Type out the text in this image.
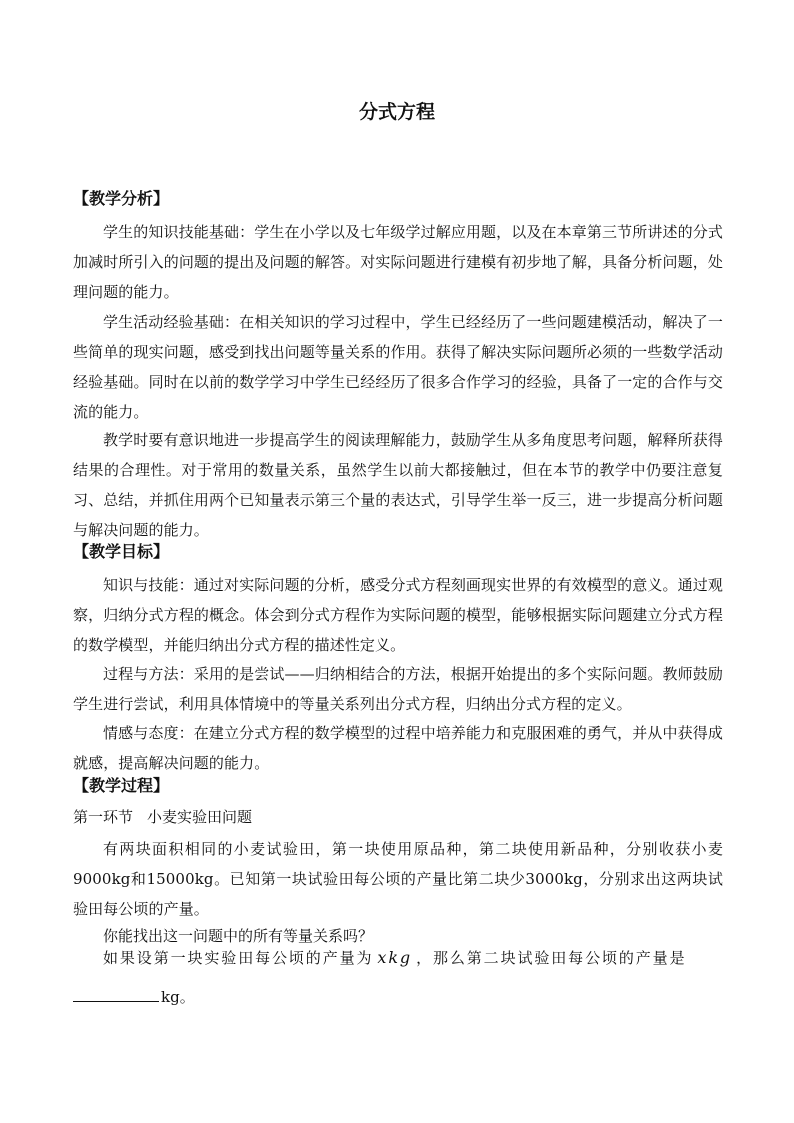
分式方程
【教学分析】
学生的知识技能基础：学生在小学以及七年级学过解应用题，以及在本章第三节所讲述的分式加减时所引入的问题的提出及问题的解答。对实际问题进行建模有初步地了解，具备分析问题，处理问题的能力。
学生活动经验基础：在相关知识的学习过程中，学生已经经历了一些问题建模活动，解决了一些简单的现实问题，感受到找出问题等量关系的作用。获得了解决实际问题所必须的一些数学活动经验基础。同时在以前的数学学习中学生已经经历了很多合作学习的经验，具备了一定的合作与交流的能力。
教学时要有意识地进一步提高学生的阅读理解能力，鼓励学生从多角度思考问题，解释所获得结果的合理性。对于常用的数量关系，虽然学生以前大都接触过，但在本节的教学中仍要注意复习、总结，并抓住用两个已知量表示第三个量的表达式，引导学生举一反三，进一步提高分析问题与解决问题的能力。
【教学目标】
知识与技能：通过对实际问题的分析，感受分式方程刻画现实世界的有效模型的意义。通过观察，归纳分式方程的概念。体会到分式方程作为实际问题的模型，能够根据实际问题建立分式方程的数学模型，并能归纳出分式方程的描述性定义。
过程与方法：采用的是尝试——归纳相结合的方法，根据开始提出的多个实际问题。教师鼓励学生进行尝试，利用具体情境中的等量关系列出分式方程，归纳出分式方程的定义。
情感与态度：在建立分式方程的数学模型的过程中培养能力和克服困难的勇气，并从中获得成就感，提高解决问题的能力。
【教学过程】
第一环节 小麦实验田问题
有两块面积相同的小麦试验田，第一块使用原品种，第二块使用新品种，分别收获小麦9000kg和15000kg。已知第一块试验田每公顷的产量比第二块少3000kg，分别求出这两块试验田每公顷的产量。
你能找出这一问题中的所有等量关系吗？
如果设第一块实验田每公顷的产量为 xkg ，那么第二块试验田每公顷的产量是
kg。
